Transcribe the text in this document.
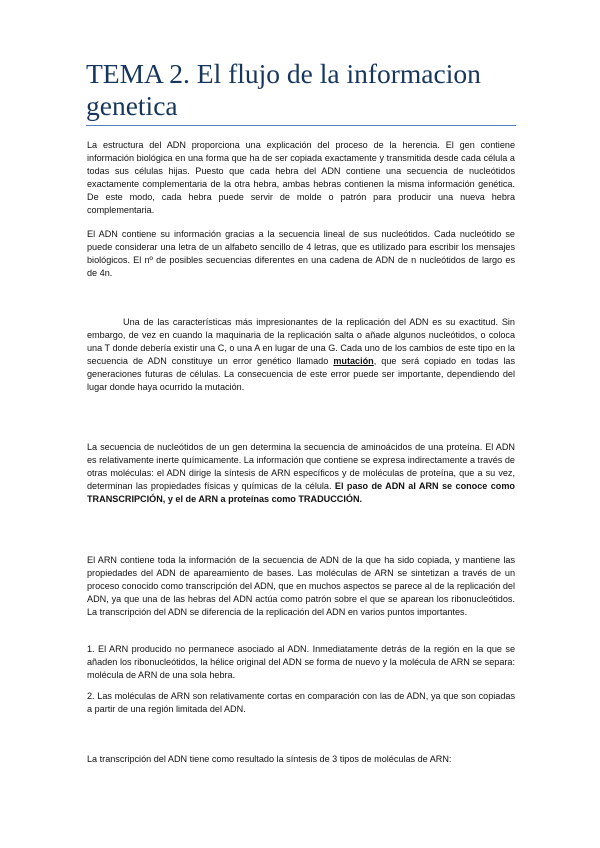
TEMA 2. El flujo de la informacion genetica

La estructura del ADN proporciona una explicación del proceso de la herencia. El gen contiene información biológica en una forma que ha de ser copiada exactamente y transmitida desde cada célula a todas sus células hijas. Puesto que cada hebra del ADN contiene una secuencia de nucleótidos exactamente complementaria de la otra hebra, ambas hebras contienen la misma información genética. De este modo, cada hebra puede servir de molde o patrón para producir una nueva hebra complementaria.

El ADN contiene su información gracias a la secuencia lineal de sus nucleótidos. Cada nucleótido se puede considerar una letra de un alfabeto sencillo de 4 letras, que es utilizado para escribir los mensajes biológicos. El nº de posibles secuencias diferentes en una cadena de ADN de n nucleótidos de largo es de 4n.

Una de las características más impresionantes de la replicación del ADN es su exactitud. Sin embargo, de vez en cuando la maquinaria de la replicación salta o añade algunos nucleótidos, o coloca una T donde debería existir una C, o una A en lugar de una G. Cada uno de los cambios de este tipo en la secuencia de ADN constituye un error genético llamado mutación, que será copiado en todas las generaciones futuras de células. La consecuencia de este error puede ser importante, dependiendo del lugar donde haya ocurrido la mutación.

La secuencia de nucleótidos de un gen determina la secuencia de aminoácidos de una proteína. El ADN es relativamente inerte químicamente. La información que contiene se expresa indirectamente a través de otras moléculas: el ADN dirige la síntesis de ARN específicos y de moléculas de proteína, que a su vez, determinan las propiedades físicas y químicas de la célula. El paso de ADN al ARN se conoce como TRANSCRIPCIÓN, y el de ARN a proteínas como TRADUCCIÓN.

El ARN contiene toda la información de la secuencia de ADN de la que ha sido copiada, y mantiene las propiedades del ADN de apareamiento de bases. Las moléculas de ARN se sintetizan a través de un proceso conocido como transcripción del ADN, que en muchos aspectos se parece al de la replicación del ADN, ya que una de las hebras del ADN actúa como patrón sobre el que se aparean los ribonucleótidos. La transcripción del ADN se diferencia de la replicación del ADN en varios puntos importantes.

1. El ARN producido no permanece asociado al ADN. Inmediatamente detrás de la región en la que se añaden los ribonucleótidos, la hélice original del ADN se forma de nuevo y la molécula de ARN se separa: molécula de ARN de una sola hebra.

2. Las moléculas de ARN son relativamente cortas en comparación con las de ADN, ya que son copiadas a partir de una región limitada del ADN.

La transcripción del ADN tiene como resultado la síntesis de 3 tipos de moléculas de ARN:
